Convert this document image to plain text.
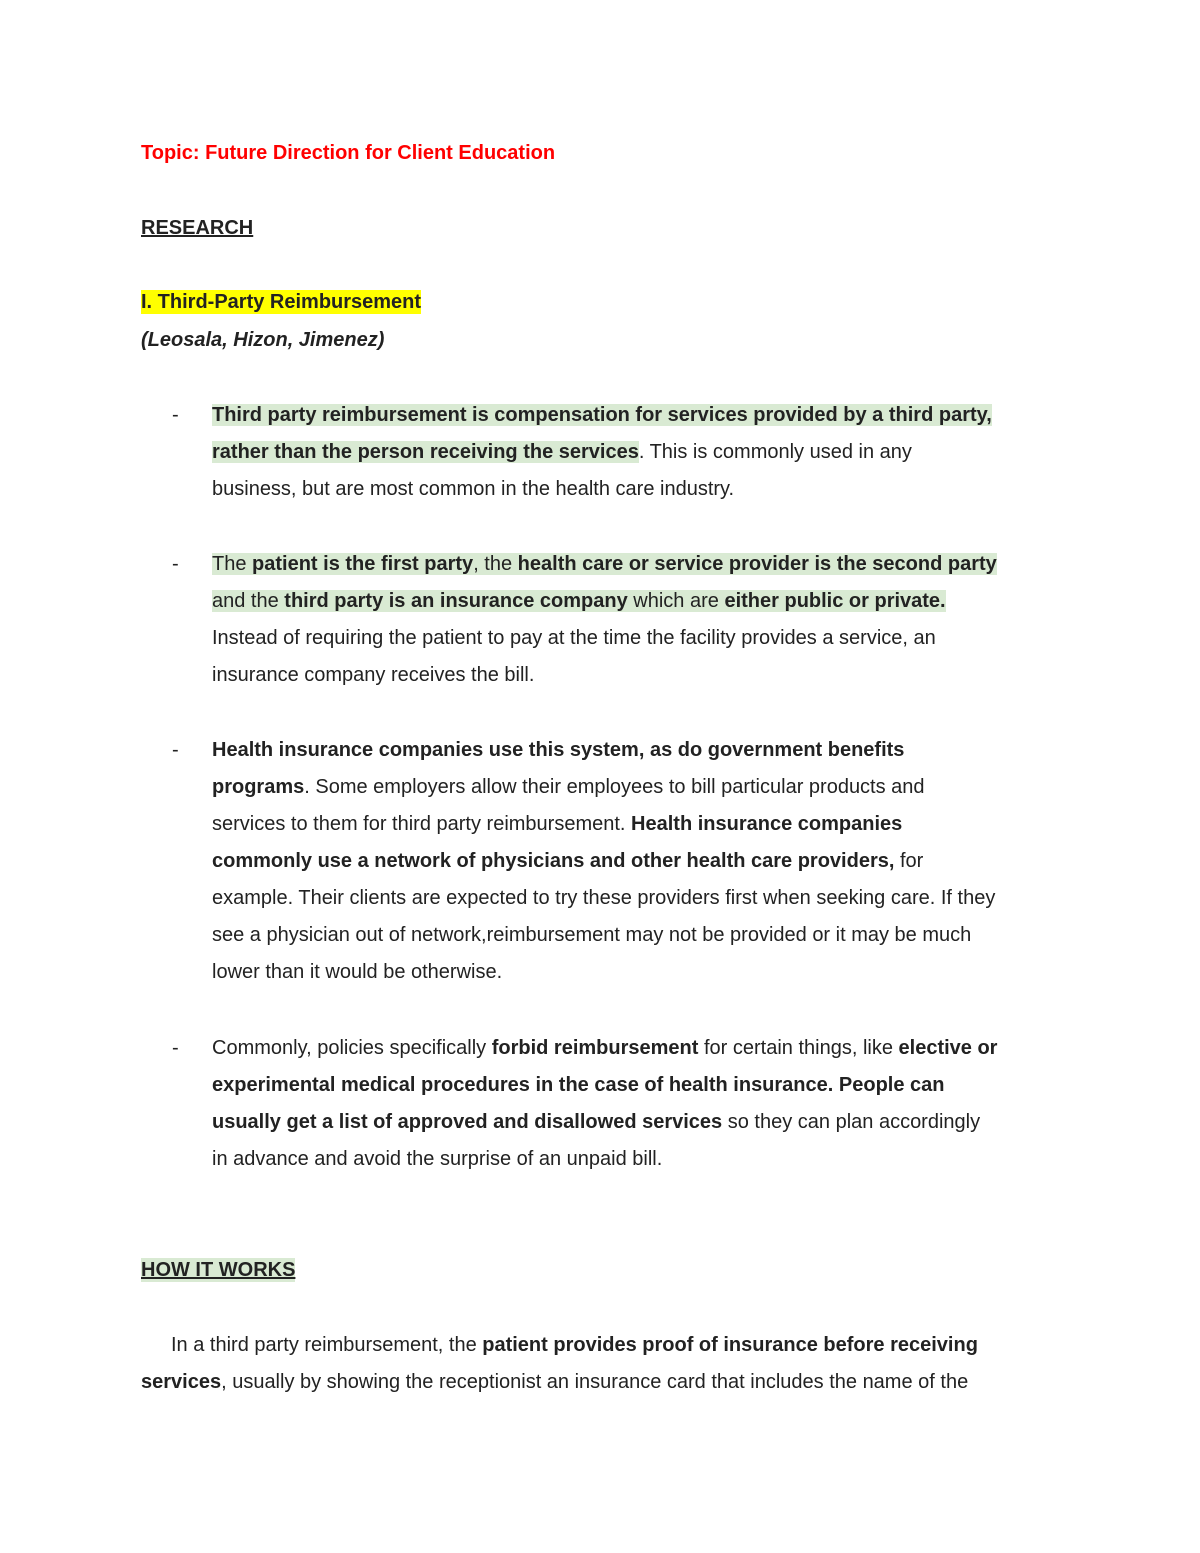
Topic: Future Direction for Client Education
RESEARCH
I. Third-Party Reimbursement
(Leosala, Hizon, Jimenez)
- Third party reimbursement is compensation for services provided by a third party,
rather than the person receiving the services. This is commonly used in any
business, but are most common in the health care industry.
- The patient is the first party, the health care or service provider is the second party
and the third party is an insurance company which are either public or private.
Instead of requiring the patient to pay at the time the facility provides a service, an
insurance company receives the bill.
- Health insurance companies use this system, as do government benefits
programs. Some employers allow their employees to bill particular products and
services to them for third party reimbursement. Health insurance companies
commonly use a network of physicians and other health care providers, for
example. Their clients are expected to try these providers first when seeking care. If they
see a physician out of network,reimbursement may not be provided or it may be much
lower than it would be otherwise.
- Commonly, policies specifically forbid reimbursement for certain things, like elective or
experimental medical procedures in the case of health insurance. People can
usually get a list of approved and disallowed services so they can plan accordingly
in advance and avoid the surprise of an unpaid bill.
HOW IT WORKS
In a third party reimbursement, the patient provides proof of insurance before receiving
services, usually by showing the receptionist an insurance card that includes the name of the
